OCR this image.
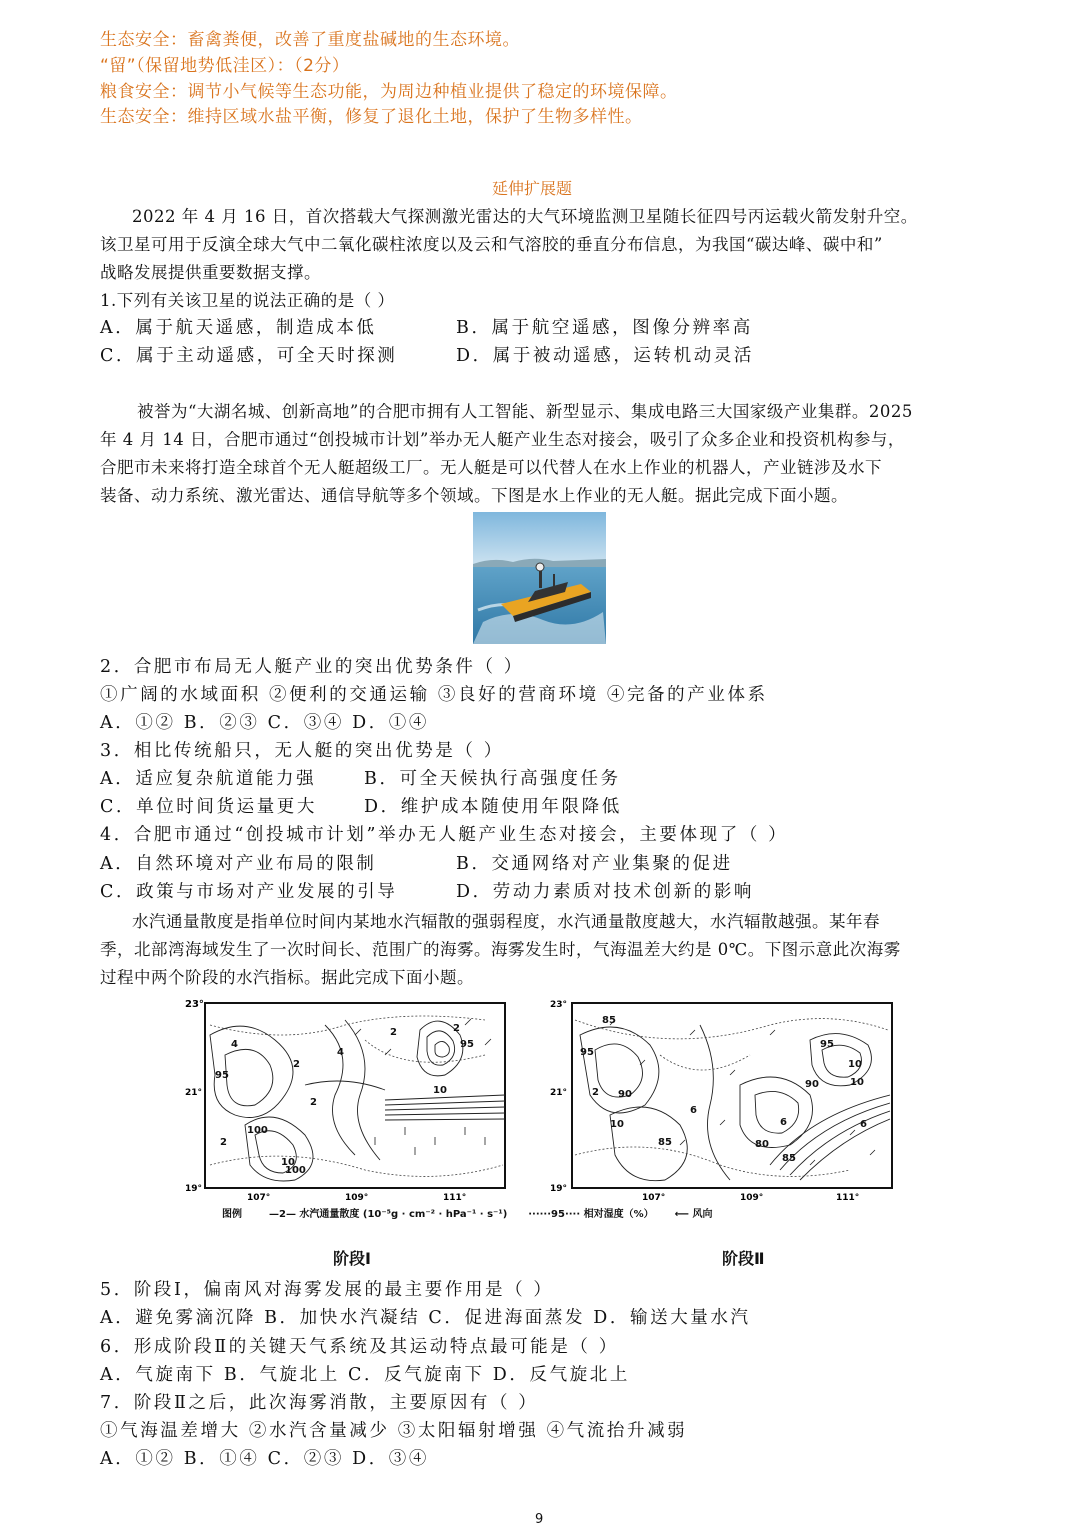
生态安全：畜禽粪便，改善了重度盐碱地的生态环境。
“留”（保留地势低洼区）：（2分）
粮食安全：调节小气候等生态功能，为周边种植业提供了稳定的环境保障。
生态安全：维持区域水盐平衡，修复了退化土地，保护了生物多样性。
延伸扩展题
2022 年 4 月 16 日，首次搭载大气探测激光雷达的大气环境监测卫星随长征四号丙运载火箭发射升空。
该卫星可用于反演全球大气中二氧化碳柱浓度以及云和气溶胶的垂直分布信息，为我国“碳达峰、碳中和”
战略发展提供重要数据支撑。
1.下列有关该卫星的说法正确的是（ ）
A．属于航天遥感，制造成本低	B．属于航空遥感，图像分辨率高
C．属于主动遥感，可全天时探测	D．属于被动遥感，运转机动灵活
被誉为“大湖名城、创新高地”的合肥市拥有人工智能、新型显示、集成电路三大国家级产业集群。2025
年 4 月 14 日，合肥市通过“创投城市计划”举办无人艇产业生态对接会，吸引了众多企业和投资机构参与，
合肥市未来将打造全球首个无人艇超级工厂。无人艇是可以代替人在水上作业的机器人，产业链涉及水下
装备、动力系统、激光雷达、通信导航等多个领域。下图是水上作业的无人艇。据此完成下面小题。
2．合肥市布局无人艇产业的突出优势条件（ ）
①广阔的水域面积 ②便利的交通运输 ③良好的营商环境 ④完备的产业体系
A．①② B．②③ C．③④ D．①④
3．相比传统船只，无人艇的突出优势是（ ）
A．适应复杂航道能力强	B．可全天候执行高强度任务
C．单位时间货运量更大	D．维护成本随使用年限降低
4．合肥市通过“创投城市计划”举办无人艇产业生态对接会，主要体现了（ ）
A．自然环境对产业布局的限制	B．交通网络对产业集聚的促进
C．政策与市场对产业发展的引导	D．劳动力素质对技术创新的影响
水汽通量散度是指单位时间内某地水汽辐散的强弱程度，水汽通量散度越大，水汽辐散越强。某年春
季，北部湾海域发生了一次时间长、范围广的海雾。海雾发生时，气海温差大约是 0℃。下图示意此次海雾
过程中两个阶段的水汽指标。据此完成下面小题。
23°
21°
19°
107°	109°	111°
4
95
2
100
100
95
10
2
2
10
2
4
2
23°
21°
19°
107°	109°	111°
85
95
2 90
6
10
85	80
6
95
10
90
6
10
85
图例	—2— 水汽通量散度 (10⁻⁵g · cm⁻² · hPa⁻¹ · s⁻¹) ······95···· 相对湿度（%） ⟵ 风向
阶段Ⅰ	阶段Ⅱ
5．阶段Ⅰ，偏南风对海雾发展的最主要作用是（ ）
A．避免雾滴沉降 B．加快水汽凝结 C．促进海面蒸发 D．输送大量水汽
6．形成阶段Ⅱ的关键天气系统及其运动特点最可能是（ ）
A．气旋南下 B．气旋北上 C．反气旋南下 D．反气旋北上
7．阶段Ⅱ之后，此次海雾消散，主要原因有（ ）
①气海温差增大 ②水汽含量减少 ③太阳辐射增强 ④气流抬升减弱
A．①② B．①④ C．②③ D．③④
9
